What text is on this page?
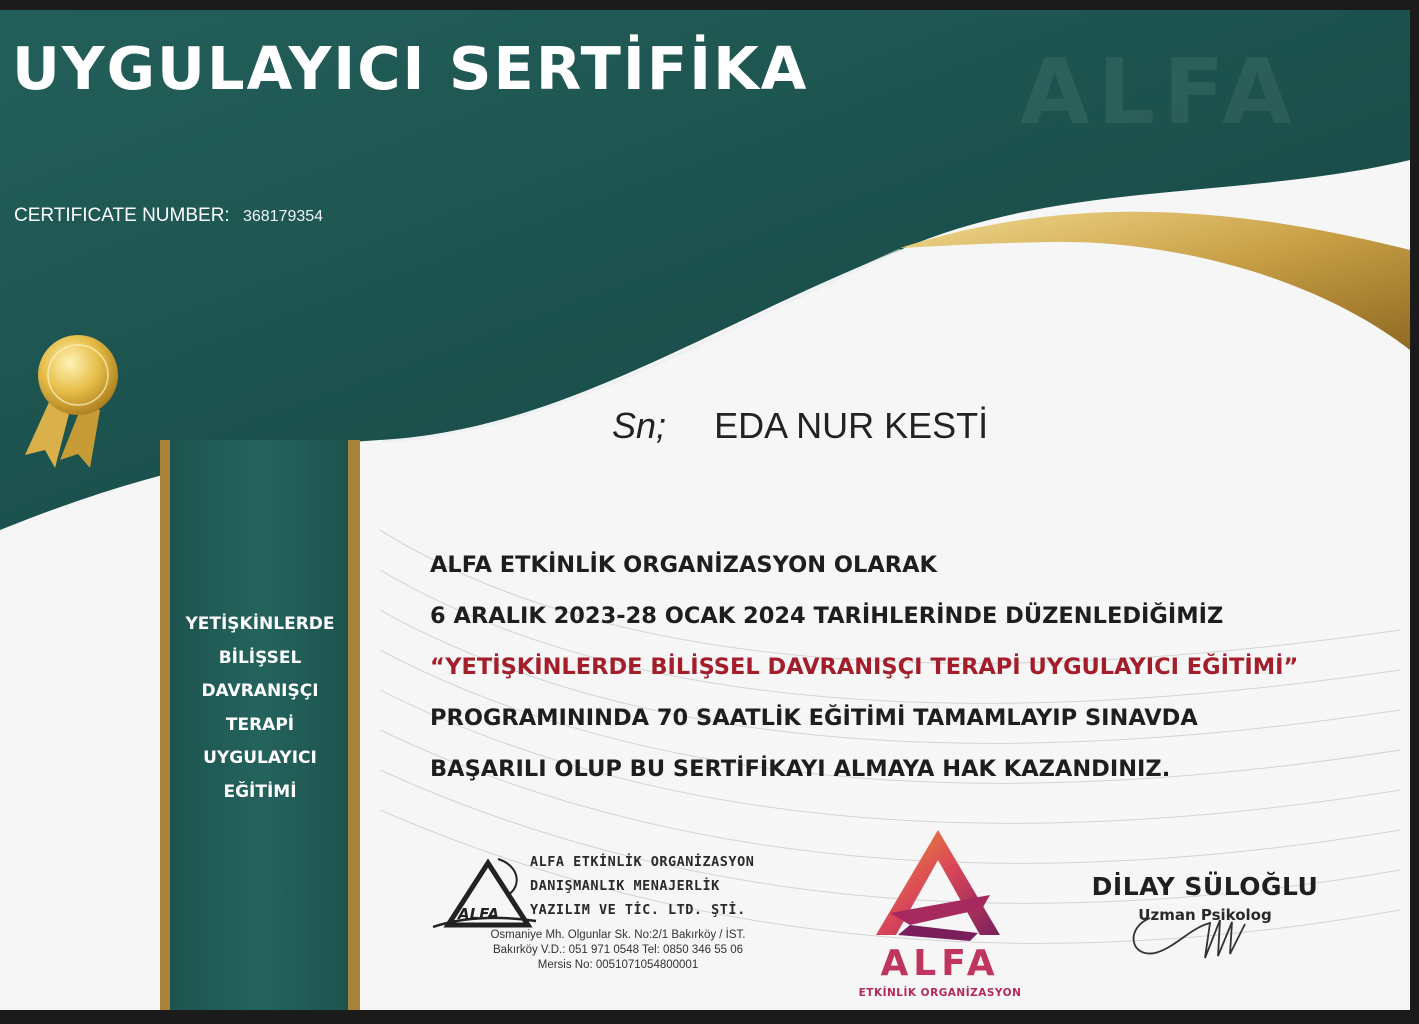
ALFA
UYGULAYICI SERTİFİKA
CERTIFICATE NUMBER: 368179354
YETİŞKİNLERDE
BİLİŞSEL
DAVRANIŞÇI
TERAPİ
UYGULAYICI
EĞİTİMİ
Sn; EDA NUR KESTİ
ALFA ETKİNLİK ORGANİZASYON OLARAK
6 ARALIK 2023-28 OCAK 2024 TARİHLERİNDE DÜZENLEDİĞİMİZ
“YETİŞKİNLERDE BİLİŞSEL DAVRANIŞÇI TERAPİ UYGULAYICI EĞİTİMİ”
PROGRAMININDA 70 SAATLİK EĞİTİMİ TAMAMLAYIP SINAVDA
BAŞARILI OLUP BU SERTİFİKAYI ALMAYA HAK KAZANDINIZ.
ALFA
ALFA ETKİNLİK ORGANİZASYON
DANIŞMANLIK MENAJERLİK
YAZILIM VE TİC. LTD. ŞTİ.
Osmaniye Mh. Olgunlar Sk. No:2/1 Bakırköy / İST.
Bakırköy V.D.: 051 971 0548 Tel: 0850 346 55 06
Mersis No: 0051071054800001	ALFA
ETKİNLİK ORGANİZASYON
DİLAY SÜLOĞLU
Uzman Psikolog
